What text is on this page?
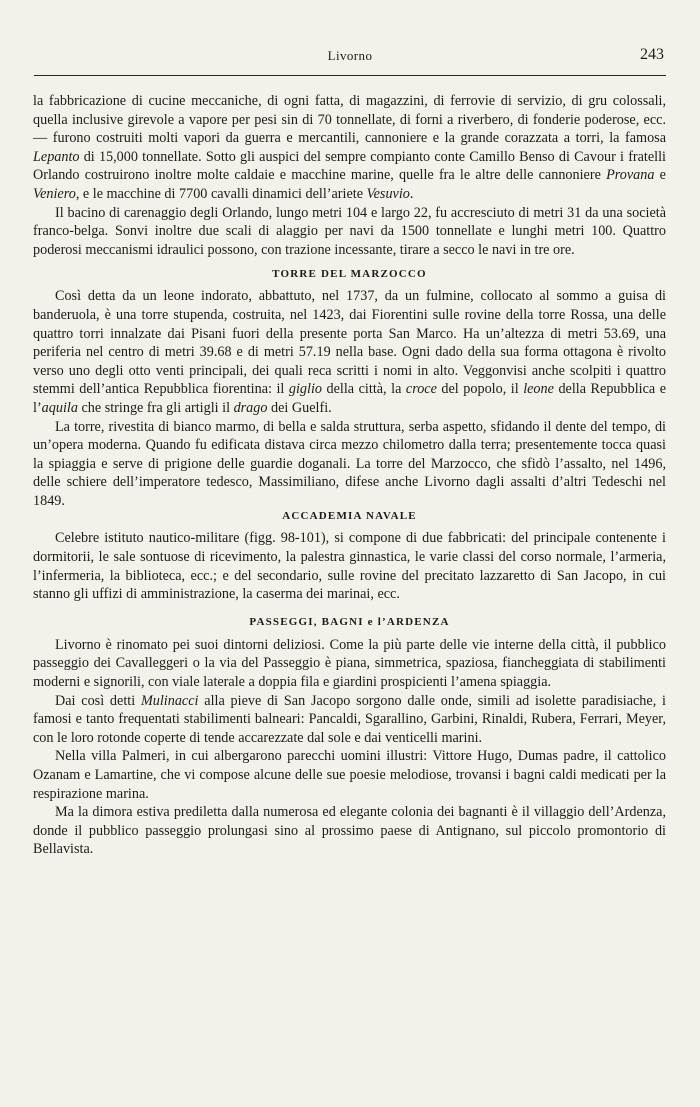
Livorno	243

la fabbricazione di cucine meccaniche, di ogni fatta, di magazzini, di ferrovie di servizio, di gru colossali, quella inclusive girevole a vapore per pesi sin di 70 tonnellate, di forni a riverbero, di fonderie poderose, ecc. — furono costruiti molti vapori da guerra e mercantili, cannoniere e la grande corazzata a torri, la famosa Lepanto di 15,000 tonnellate. Sotto gli auspici del sempre compianto conte Camillo Benso di Cavour i fratelli Orlando costruirono inoltre molte caldaie e macchine marine, quelle fra le altre delle cannoniere Provana e Veniero, e le macchine di 7700 cavalli dinamici dell’ariete Vesuvio.

Il bacino di carenaggio degli Orlando, lungo metri 104 e largo 22, fu accresciuto di metri 31 da una società franco-belga. Sonvi inoltre due scali di alaggio per navi da 1500 tonnellate e lunghi metri 100. Quattro poderosi meccanismi idraulici possono, con trazione incessante, tirare a secco le navi in tre ore.

TORRE DEL MARZOCCO

Così detta da un leone indorato, abbattuto, nel 1737, da un fulmine, collocato al sommo a guisa di banderuola, è una torre stupenda, costruita, nel 1423, dai Fiorentini sulle rovine della torre Rossa, una delle quattro torri innalzate dai Pisani fuori della presente porta San Marco. Ha un’altezza di metri 53.69, una periferia nel centro di metri 39.68 e di metri 57.19 nella base. Ogni dado della sua forma ottagona è rivolto verso uno degli otto venti principali, dei quali reca scritti i nomi in alto. Veggonvisi anche scolpiti i quattro stemmi dell’antica Repubblica fiorentina: il giglio della città, la croce del popolo, il leone della Repubblica e l’aquila che stringe fra gli artigli il drago dei Guelfi.

La torre, rivestita di bianco marmo, di bella e salda struttura, serba aspetto, sfidando il dente del tempo, di un’opera moderna. Quando fu edificata distava circa mezzo chilometro dalla terra; presentemente tocca quasi la spiaggia e serve di prigione delle guardie doganali. La torre del Marzocco, che sfidò l’assalto, nel 1496, delle schiere dell’imperatore tedesco, Massimiliano, difese anche Livorno dagli assalti d’altri Tedeschi nel 1849.

ACCADEMIA NAVALE

Celebre istituto nautico-militare (figg. 98-101), si compone di due fabbricati: del principale contenente i dormitorii, le sale sontuose di ricevimento, la palestra ginnastica, le varie classi del corso normale, l’armeria, l’infermeria, la biblioteca, ecc.; e del secondario, sulle rovine del precitato lazzaretto di San Jacopo, in cui stanno gli uffizi di amministrazione, la caserma dei marinai, ecc.

PASSEGGI, BAGNI e l’ARDENZA

Livorno è rinomato pei suoi dintorni deliziosi. Come la più parte delle vie interne della città, il pubblico passeggio dei Cavalleggeri o la via del Passeggio è piana, simmetrica, spaziosa, fiancheggiata di stabilimenti moderni e signorili, con viale laterale a doppia fila e giardini prospicienti l’amena spiaggia.

Dai così detti Mulinacci alla pieve di San Jacopo sorgono dalle onde, simili ad isolette paradisiache, i famosi e tanto frequentati stabilimenti balneari: Pancaldi, Sgarallino, Garbini, Rinaldi, Rubera, Ferrari, Meyer, con le loro rotonde coperte di tende accarezzate dal sole e dai venticelli marini.

Nella villa Palmeri, in cui albergarono parecchi uomini illustri: Vittore Hugo, Dumas padre, il cattolico Ozanam e Lamartine, che vi compose alcune delle sue poesie melodiose, trovansi i bagni caldi medicati per la respirazione marina.

Ma la dimora estiva prediletta dalla numerosa ed elegante colonia dei bagnanti è il villaggio dell’Ardenza, donde il pubblico passeggio prolungasi sino al prossimo paese di Antignano, sul piccolo promontorio di Bellavista.
